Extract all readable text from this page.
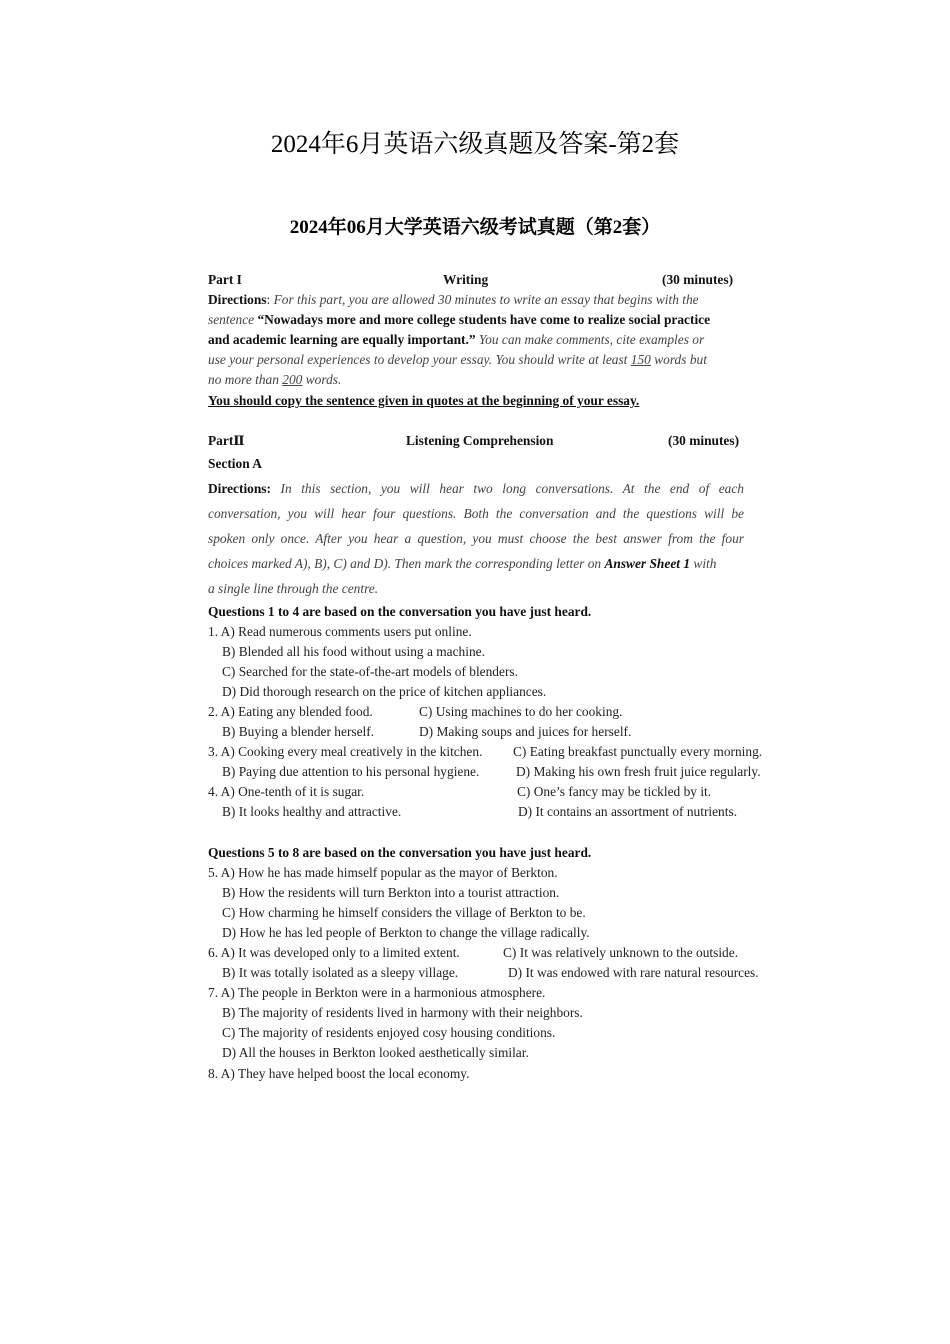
2024年6月英语六级真题及答案-第2套
2024年06月大学英语六级考试真题（第2套）
Part I	Writing	(30 minutes)
Directions: For this part, you are allowed 30 minutes to write an essay that begins with the
sentence “Nowadays more and more college students have come to realize social practice
and academic learning are equally important.” You can make comments, cite examples or
use your personal experiences to develop your essay. You should write at least 150 words but
no more than 200 words.
You should copy the sentence given in quotes at the beginning of your essay.
PartⅡ	Listening Comprehension	(30 minutes)
Section A
Directions: In this section, you will hear two long conversations. At the end of each
conversation, you will hear four questions. Both the conversation and the questions will be
spoken only once. After you hear a question, you must choose the best answer from the four
choices marked A), B), C) and D). Then mark the corresponding letter on Answer Sheet 1 with
a single line through the centre.
Questions 1 to 4 are based on the conversation you have just heard.
1. A) Read numerous comments users put online.
B) Blended all his food without using a machine.
C) Searched for the state-of-the-art models of blenders.
D) Did thorough research on the price of kitchen appliances.
2. A) Eating any blended food.	C) Using machines to do her cooking.
B) Buying a blender herself.	D) Making soups and juices for herself.
3. A) Cooking every meal creatively in the kitchen. C) Eating breakfast punctually every morning.
B) Paying due attention to his personal hygiene.	D) Making his own fresh fruit juice regularly.
4. A) One-tenth of it is sugar.	C) One’s fancy may be tickled by it.
B) It looks healthy and attractive.	D) It contains an assortment of nutrients.
Questions 5 to 8 are based on the conversation you have just heard.
5. A) How he has made himself popular as the mayor of Berkton.
B) How the residents will turn Berkton into a tourist attraction.
C) How charming he himself considers the village of Berkton to be.
D) How he has led people of Berkton to change the village radically.
6. A) It was developed only to a limited extent.	C) It was relatively unknown to the outside.
B) It was totally isolated as a sleepy village.	D) It was endowed with rare natural resources.
7. A) The people in Berkton were in a harmonious atmosphere.
B) The majority of residents lived in harmony with their neighbors.
C) The majority of residents enjoyed cosy housing conditions.
D) All the houses in Berkton looked aesthetically similar.
8. A) They have helped boost the local economy.
